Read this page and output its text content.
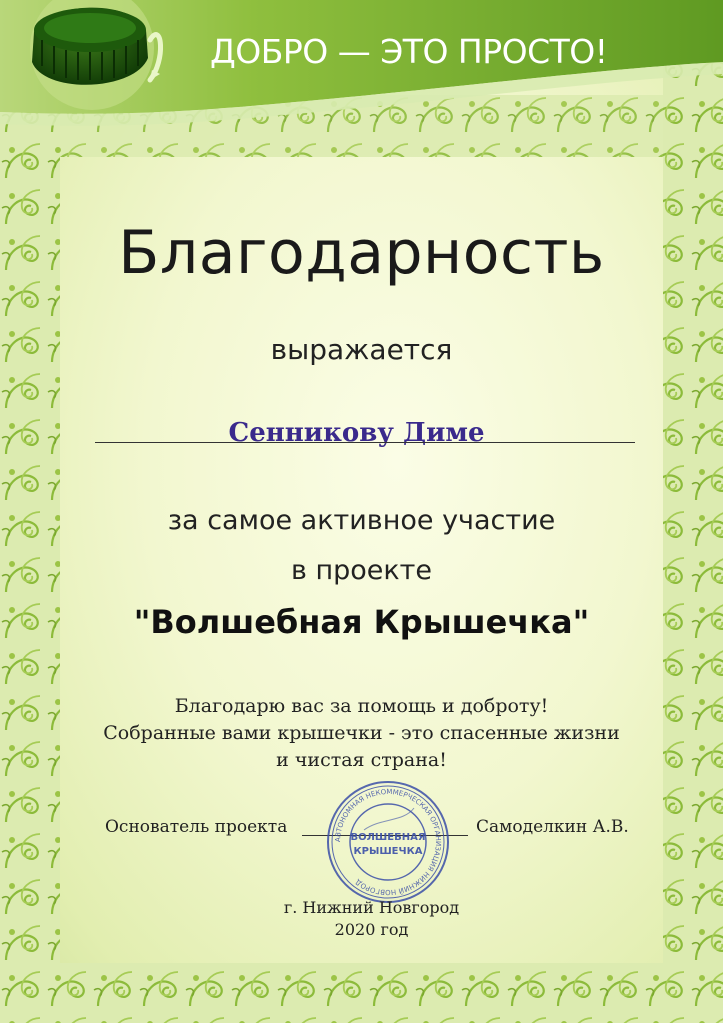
ДОБРО — ЭТО ПРОСТО!
Благодарность
выражается
Сенникову Диме
за самое активное участие
в проекте
"Волшебная Крышечка"
Благодарю вас за помощь и доброту!
Собранные вами крышечки - это спасенные жизни
и чистая страна!
Основатель проекта	Самоделкин А.В.
АВТОНОМНАЯ НЕКОММЕРЧЕСКАЯ ОРГАНИЗАЦИЯ НИЖНИЙ НОВГОРОД
ВОЛШЕБНАЯ
КРЫШЕЧКА
г. Нижний Новгород
2020 год
